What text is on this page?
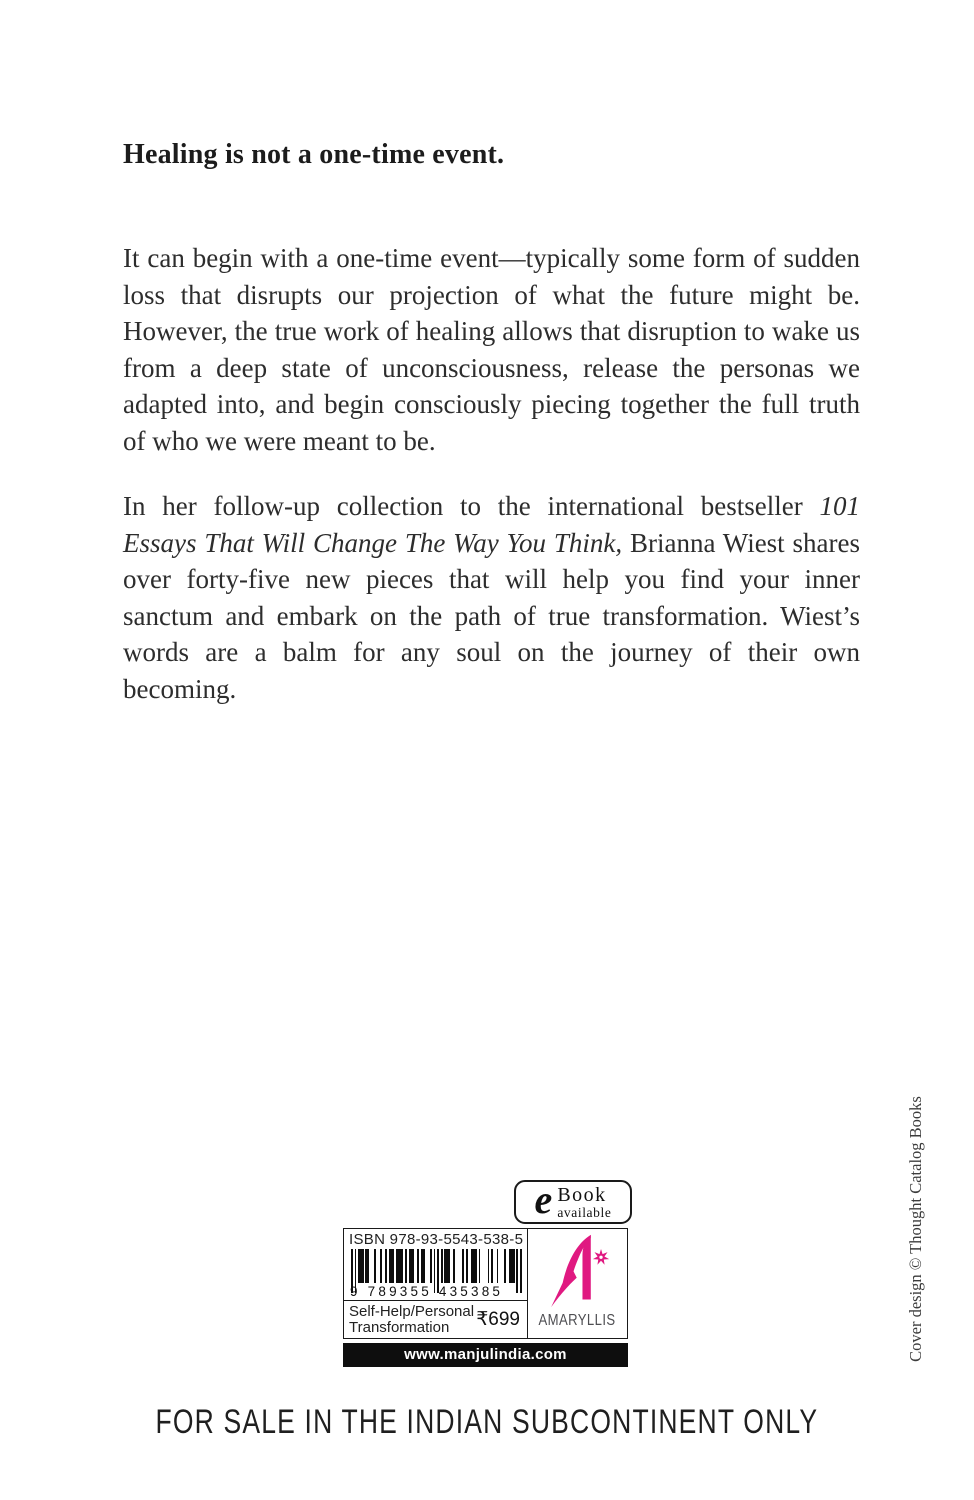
Healing is not a one-time event.

It can begin with a one-time event—typically some form of sudden loss that disrupts our projection of what the future might be. However, the true work of healing allows that disruption to wake us from a deep state of unconsciousness, release the personas we adapted into, and begin consciously piecing together the full truth of who we were meant to be.

In her follow-up collection to the international bestseller 101 Essays That Will Change The Way You Think, Brianna Wiest shares over forty-five new pieces that will help you find your inner sanctum and embark on the path of true transformation. Wiest’s words are a balm for any soul on the journey of their own becoming.

e Book
available
ISBN 978-93-5543-538-5
9 789355 435385
Self-Help/Personal
Transformation	₹699 AMARYLLIS
www.manjulindia.com	Cover design © Thought Catalog Books
FOR SALE IN THE INDIAN SUBCONTINENT ONLY
